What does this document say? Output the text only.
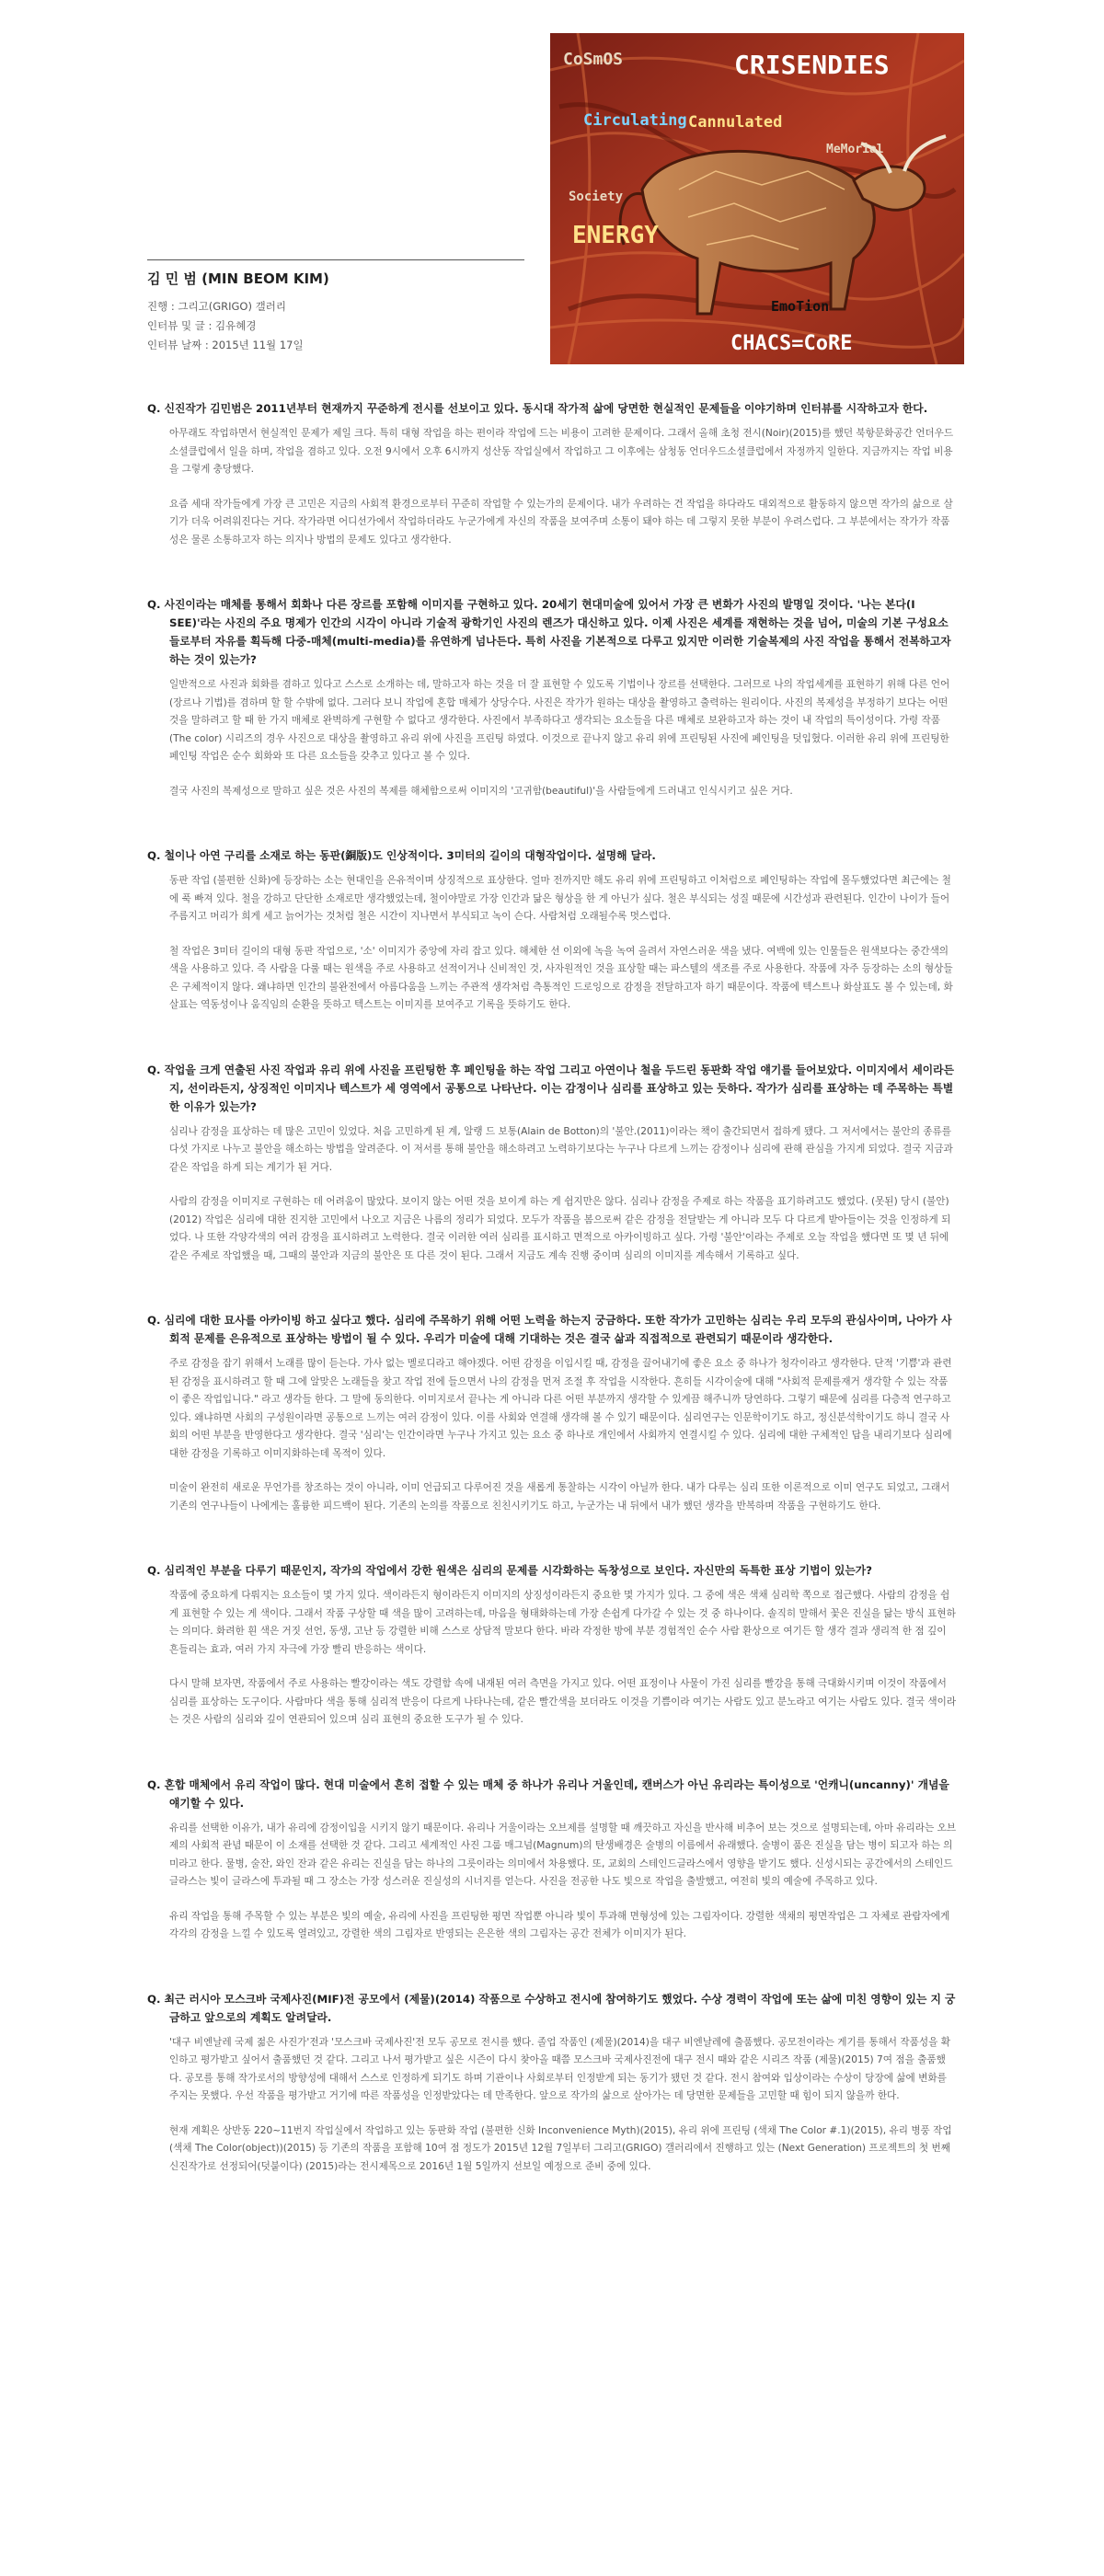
CoSmOS	CRISENDIES
Circulating Cannulated
MeMorial
Society
ENERGY
EmoTion
CHACS=CoRE
김 민 범 (MIN BEOM KIM)

진행 : 그리고(GRIGO) 갤러리

인터뷰 및 글 : 김유혜경

인터뷰 날짜 : 2015년 11월 17일

Q. 신진작가 김민범은 2011년부터 현재까지 꾸준하게 전시를 선보이고 있다. 동시대 작가적 삶에 당면한 현실적인 문제들을 이야기하며 인터뷰를 시작하고자 한다.

아무래도 작업하면서 현실적인 문제가 제일 크다. 특히 대형 작업을 하는 편이라 작업에 드는 비용이 고려한 문제이다. 그래서 올해 초청 전시(Noir)(2015)를 했던 북항문화공간 언더우드소셜클럽에서 일을 하며, 작업을 겸하고 있다. 오전 9시에서 오후 6시까지 성산동 작업실에서 작업하고 그 이후에는 삼청동 언더우드소셜클럽에서 자정까지 일한다. 지금까지는 작업 비용을 그렇게 충당했다.

요즘 세대 작가들에게 가장 큰 고민은 지금의 사회적 환경으로부터 꾸준히 작업할 수 있는가의 문제이다. 내가 우려하는 건 작업을 하다라도 대외적으로 활동하지 않으면 작가의 삶으로 살기가 더욱 어려워진다는 거다. 작가라면 어디선가에서 작업하더라도 누군가에게 자신의 작품을 보여주며 소통이 돼야 하는 데 그렇지 못한 부분이 우려스럽다. 그 부분에서는 작가가 작품성은 물론 소통하고자 하는 의지나 방법의 문제도 있다고 생각한다.

Q. 사진이라는 매체를 통해서 회화나 다른 장르를 포함해 이미지를 구현하고 있다. 20세기 현대미술에 있어서 가장 큰 변화가 사진의 발명일 것이다. '나는 본다(I SEE)'라는 사진의 주요 명제가 인간의 시각이 아니라 기술적 광학기인 사진의 렌즈가 대신하고 있다. 이제 사진은 세계를 재현하는 것을 넘어, 미술의 기본 구성요소들로부터 자유를 획득해 다중-매체(multi-media)를 유연하게 넘나든다. 특히 사진을 기본적으로 다루고 있지만 이러한 기술복제의 사진 작업을 통해서 전복하고자 하는 것이 있는가?

일반적으로 사진과 회화를 겸하고 있다고 스스로 소개하는 데, 말하고자 하는 것을 더 잘 표현할 수 있도록 기법이나 장르를 선택한다. 그러므로 나의 작업세계를 표현하기 위해 다른 언어(장르나 기법)를 겸하며 할 할 수밖에 없다. 그러다 보니 작업에 혼합 매체가 상당수다. 사진은 작가가 원하는 대상을 촬영하고 출력하는 원리이다. 사진의 복제성을 부정하기 보다는 어떤 것을 말하려고 할 때 한 가지 매체로 완벽하게 구현할 수 없다고 생각한다. 사진에서 부족하다고 생각되는 요소들을 다른 매체로 보완하고자 하는 것이 내 작업의 특이성이다. 가령 작품 (The color) 시리즈의 경우 사진으로 대상을 촬영하고 유리 위에 사진을 프린팅 하였다. 이것으로 끝나지 않고 유리 위에 프린팅된 사진에 페인팅을 덧입혔다. 이러한 유리 위에 프린팅한 페인팅 작업은 순수 회화와 또 다른 요소들을 갖추고 있다고 볼 수 있다.

결국 사진의 복제성으로 말하고 싶은 것은 사진의 복제를 해체함으로써 이미지의 '고귀함(beautiful)'을 사람들에게 드러내고 인식시키고 싶은 거다.

Q. 철이나 아연 구리를 소재로 하는 동판(銅版)도 인상적이다. 3미터의 길이의 대형작업이다. 설명해 달라.

동판 작업 (불편한 신화)에 등장하는 소는 현대인을 은유적이며 상징적으로 표상한다. 얼마 전까지만 해도 유리 위에 프린팅하고 이처럼으로 페인팅하는 작업에 몰두했었다면 최근에는 철에 푹 빠져 있다. 철을 강하고 단단한 소재로만 생각했었는데, 철이야말로 가장 인간과 닮은 형상을 한 게 아닌가 싶다. 철은 부식되는 성질 때문에 시간성과 관련된다. 인간이 나이가 들어 주름지고 머리가 희게 세고 늙어가는 것처럼 철은 시간이 지나면서 부식되고 녹이 슨다. 사람처럼 오래될수록 멋스럽다.

철 작업은 3미터 길이의 대형 동판 작업으로, '소' 이미지가 중앙에 자리 잡고 있다. 해체한 선 이외에 녹을 녹여 올려서 자연스러운 색을 냈다. 여백에 있는 인물들은 원색보다는 중간색의 색을 사용하고 있다. 즉 사람을 다룰 때는 원색을 주로 사용하고 선적이거나 신비적인 것, 사자원적인 것을 표상할 때는 파스텔의 색조를 주로 사용한다. 작품에 자주 등장하는 소의 형상들은 구체적이지 않다. 왜냐하면 인간의 불완전에서 아름다움을 느끼는 주관적 생각처럼 측통적인 드로잉으로 감정을 전달하고자 하기 때문이다. 작품에 텍스트나 화살표도 볼 수 있는데, 화살표는 역동성이나 움직임의 순환을 뜻하고 텍스트는 이미지를 보여주고 기록을 뜻하기도 한다.

Q. 작업을 크게 연출된 사진 작업과 유리 위에 사진을 프린팅한 후 페인팅을 하는 작업 그리고 아연이나 철을 두드린 동판화 작업 얘기를 들어보았다. 이미지에서 세이라든지, 선이라든지, 상징적인 이미지나 텍스트가 세 영역에서 공통으로 나타난다. 이는 감정이나 심리를 표상하고 있는 듯하다. 작가가 심리를 표상하는 데 주목하는 특별한 이유가 있는가?

심리나 감정을 표상하는 데 많은 고민이 있었다. 처음 고민하게 된 계, 알랭 드 보통(Alain de Botton)의 '불안.(2011)이라는 책이 출간되면서 접하게 됐다. 그 저서에서는 불안의 종류를 다섯 가지로 나누고 불안을 해소하는 방법을 알려준다. 이 저서를 통해 불안을 해소하려고 노력하기보다는 누구나 다르게 느끼는 감정이나 심리에 관해 관심을 가지게 되었다. 결국 지금과 같은 작업을 하게 되는 계기가 된 거다.

사람의 감정을 이미지로 구현하는 데 어려움이 많았다. 보이지 않는 어떤 것을 보이게 하는 게 쉽지만은 않다. 심리나 감정을 주제로 하는 작품을 표기하려고도 했었다. (못된) 당시 (불안)(2012) 작업은 심리에 대한 진지한 고민에서 나오고 지금은 나름의 정리가 되었다. 모두가 작품을 봄으로써 같은 감정을 전달받는 게 아니라 모두 다 다르게 받아들이는 것을 인정하게 되었다. 나 또한 각양각색의 여러 감정을 표시하려고 노력한다. 결국 이러한 여러 심리를 표시하고 면적으로 아카이빙하고 싶다. 가령 '불안'이라는 주제로 오늘 작업을 했다면 또 몇 년 뒤에 같은 주제로 작업했을 때, 그때의 불안과 지금의 불안은 또 다른 것이 된다. 그래서 지금도 계속 진행 중이며 심리의 이미지를 계속해서 기록하고 싶다.

Q. 심리에 대한 묘사를 아카이빙 하고 싶다고 했다. 심리에 주목하기 위해 어떤 노력을 하는지 궁금하다. 또한 작가가 고민하는 심리는 우리 모두의 관심사이며, 나아가 사회적 문제를 은유적으로 표상하는 방법이 될 수 있다. 우리가 미술에 대해 기대하는 것은 결국 삶과 직접적으로 관련되기 때문이라 생각한다.

주로 감정을 잡기 위해서 노래를 많이 듣는다. 가사 없는 멜로디라고 해야겠다. 어떤 감정을 이입시킬 때, 감정을 끌어내기에 좋은 요소 중 하나가 청각이라고 생각한다. 단적 '기쁨'과 관련된 감정을 표시하려고 할 때 그에 알맞은 노래들을 찾고 작업 전에 들으면서 나의 감정을 먼저 조절 후 작업을 시작한다. 흔히들 시각이술에 대해 "사회적 문제를재거 생각할 수 있는 작품이 좋은 작업입니다." 라고 생각들 한다. 그 말에 동의한다. 이미지로서 끝나는 게 아니라 다른 어떤 부분까지 생각할 수 있게끔 해주니까 당연하다. 그렇기 때문에 심리를 다층적 연구하고 있다. 왜냐하면 사회의 구성원이라면 공통으로 느끼는 여러 감정이 있다. 이를 사회와 연결해 생각해 볼 수 있기 때문이다. 심리연구는 인문학이기도 하고, 정신분석학이기도 하니 결국 사회의 어떤 부분을 반영한다고 생각한다. 결국 '심리'는 인간이라면 누구나 가지고 있는 요소 중 하나로 개인에서 사회까지 연결시킬 수 있다. 심리에 대한 구체적인 답을 내리기보다 심리에 대한 감정을 기록하고 이미지화하는데 목적이 있다.

미술이 완전히 새로운 무언가를 창조하는 것이 아니라, 이미 언급되고 다루어진 것을 새롭게 통찰하는 시각이 아닐까 한다. 내가 다루는 심리 또한 이론적으로 이미 연구도 되었고, 그래서 기존의 연구나들이 나에게는 훌륭한 피드백이 된다. 기존의 논의를 작품으로 친친시키기도 하고, 누군가는 내 뒤에서 내가 했던 생각을 반복하며 작품을 구현하기도 한다.

Q. 심리적인 부분을 다루기 때문인지, 작가의 작업에서 강한 원색은 심리의 문제를 시각화하는 독창성으로 보인다. 자신만의 독특한 표상 기법이 있는가?

작품에 중요하게 다뤄지는 요소들이 몇 가지 있다. 색이라든지 형이라든지 이미지의 상징성이라든지 중요한 몇 가지가 있다. 그 중에 색은 색채 심리학 쪽으로 접근했다. 사람의 감정을 쉽게 표현할 수 있는 게 색이다. 그래서 작품 구상할 때 색을 많이 고려하는데, 마음을 형태화하는데 가장 손쉽게 다가갈 수 있는 것 중 하나이다. 솔직히 말해서 꽃은 진실을 닮는 방식 표현하는 의미다. 화려한 흰 색은 거짓 선언, 동생, 고난 등 강렬한 비해 스스로 상담적 말보다 한다. 바라 각정한 방에 부분 경험적인 순수 사람 환상으로 여기든 할 생각 결과 생리적 한 점 깊이 흔들리는 효과, 여러 가지 자극에 가장 빨리 반응하는 색이다.

다시 말해 보자면, 작품에서 주로 사용하는 빨강이라는 색도 강렬함 속에 내재된 여러 측면을 가지고 있다. 어떤 표정이나 사물이 가진 심리를 빨강을 통해 극대화시키며 이것이 작품에서 심리를 표상하는 도구이다. 사람마다 색을 통해 심리적 반응이 다르게 나타나는데, 같은 빨간색을 보더라도 이것을 기쁨이라 여기는 사람도 있고 분노라고 여기는 사람도 있다. 결국 색이라는 것은 사람의 심리와 깊이 연관되어 있으며 심리 표현의 중요한 도구가 될 수 있다.

Q. 혼합 매체에서 유리 작업이 많다. 현대 미술에서 흔히 접할 수 있는 매체 중 하나가 유리나 거울인데, 캔버스가 아닌 유리라는 특이성으로 '언캐니(uncanny)' 개념을 얘기할 수 있다.

유리를 선택한 이유가, 내가 유리에 감정이입을 시키지 않기 때문이다. 유리나 거울이라는 오브제를 설명할 때 깨끗하고 자신을 반사해 비추어 보는 것으로 설명되는데, 아마 유리라는 오브제의 사회적 관념 때문이 이 소재를 선택한 것 같다. 그리고 세계적인 사진 그룹 매그넘(Magnum)의 탄생배경은 술병의 이름에서 유래했다. 술병이 품은 진실을 담는 병이 되고자 하는 의미라고 한다. 물병, 술잔, 와인 잔과 같은 유리는 진실을 담는 하나의 그릇이라는 의미에서 차용했다. 또, 교회의 스테인드글라스에서 영향을 받기도 했다. 신성시되는 공간에서의 스테인드글라스는 빛이 글라스에 투과될 때 그 장소는 가장 성스러운 진실성의 시너지를 얻는다. 사진을 전공한 나도 빛으로 작업을 출발했고, 여전히 빛의 예술에 주목하고 있다.

유리 작업을 통해 주목할 수 있는 부분은 빛의 예술, 유리에 사진을 프린팅한 평면 작업뿐 아니라 빛이 투과해 면형성에 있는 그림자이다. 강렬한 색채의 평면작업은 그 자체로 관람자에게 각각의 감정을 느낄 수 있도록 열려있고, 강렬한 색의 그림자로 반영되는 은은한 색의 그림자는 공간 전체가 이미지가 된다.

Q. 최근 러시아 모스크바 국제사진(MIF)전 공모에서 (제물)(2014) 작품으로 수상하고 전시에 참여하기도 했었다. 수상 경력이 작업에 또는 삶에 미친 영향이 있는 지 궁금하고 앞으로의 계획도 알려달라.

'대구 비엔날레 국제 젊은 사진가'전과 '모스크바 국제사진'전 모두 공모로 전시를 했다. 졸업 작품인 (제물)(2014)을 대구 비엔날레에 출품했다. 공모전이라는 게기를 통해서 작품성을 확인하고 평가받고 싶어서 출품했던 것 같다. 그리고 나서 평가받고 싶은 시즌이 다시 찾아올 때쯤 모스크바 국제사진전에 대구 전시 때와 같은 시리즈 작품 (제물)(2015) 7여 점을 출품했다. 공모를 통해 작가로서의 방향성에 대해서 스스로 인정하게 되기도 하며 기관이나 사회로부터 인정받게 되는 동기가 됐던 것 같다. 전시 참여와 입상이라는 수상이 당장에 삶에 변화를 주지는 못했다. 우선 작품을 평가받고 거기에 따른 작품성을 인정받았다는 데 만족한다. 앞으로 작가의 삶으로 살아가는 데 당면한 문제들을 고민할 때 힘이 되지 않을까 한다.

현재 계획은 상반동 220~11번지 작업실에서 작업하고 있는 동판화 작업 (불편한 신화 Inconvenience Myth)(2015), 유리 위에 프린팅 (색채 The Color #.1)(2015), 유리 병풍 작업 (색채 The Color(object))(2015) 등 기존의 작품을 포함해 10여 점 정도가 2015년 12월 7일부터 그리고(GRIGO) 갤러리에서 진행하고 있는 (Next Generation) 프로젝트의 첫 번째 신진작가로 선정되어(덧붙이다) (2015)라는 전시제목으로 2016년 1월 5일까지 선보일 예정으로 준비 중에 있다.
